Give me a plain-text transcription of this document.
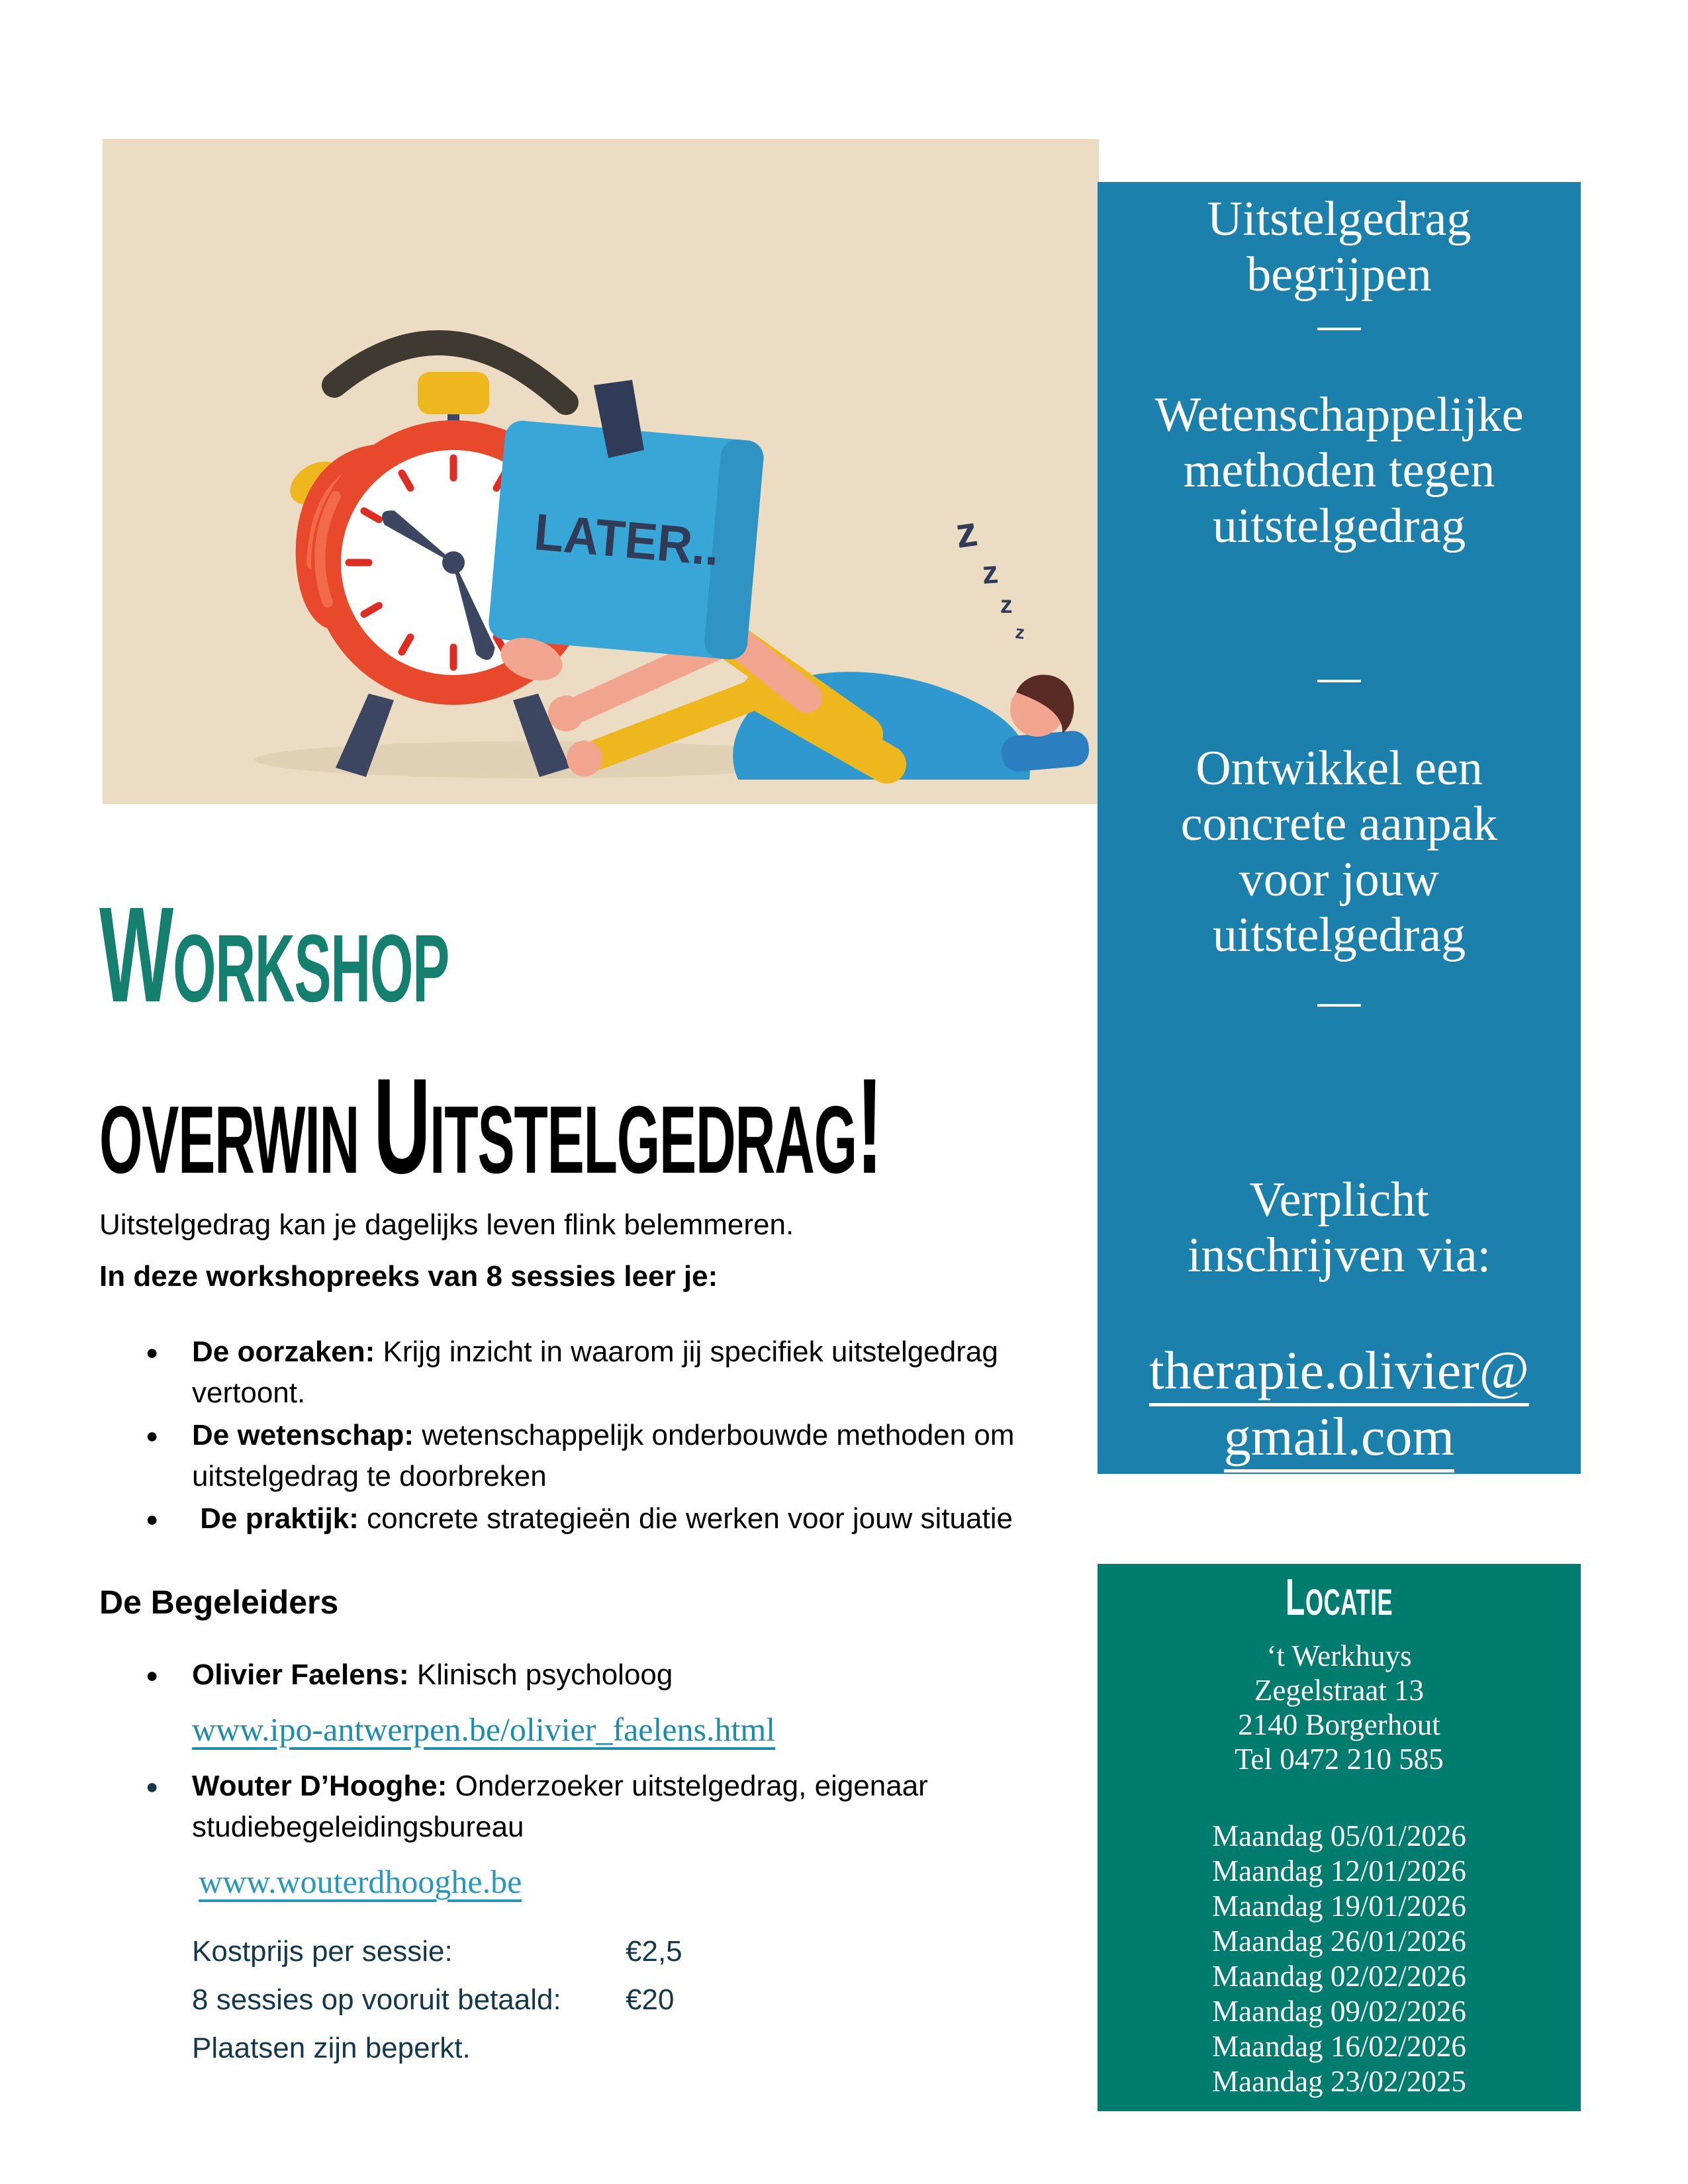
LATER..	z
z
z
z
WORKSHOP
OVERWIN UITSTELGEDRAG!
Uitstelgedrag kan je dagelijks leven flink belemmeren.
In deze workshopreeks van 8 sessies leer je:
● De oorzaken: Krijg inzicht in waarom jij specifiek uitstelgedrag vertoont.
● De wetenschap: wetenschappelijk onderbouwde methoden om uitstelgedrag te doorbreken
●  De praktijk: concrete strategieën die werken voor jouw situatie
De Begeleiders
● Olivier Faelens: Klinisch psycholoog
www.ipo-antwerpen.be/olivier_faelens.html
● Wouter D’Hooghe: Onderzoeker uitstelgedrag, eigenaar studiebegeleidingsbureau
www.wouterdhooghe.be
Kostprijs per sessie:	€2,5
8 sessies op vooruit betaald:	€20
Plaatsen zijn beperkt.
Uitstelgedrag
begrijpen
Wetenschappelijke
methoden tegen
uitstelgedrag
Ontwikkel een
concrete aanpak
voor jouw
uitstelgedrag
Verplicht
inschrijven via:
therapie.olivier@
gmail.com
LOCATIE
‘t Werkhuys
Zegelstraat 13
2140 Borgerhout
Tel 0472 210 585
Maandag 05/01/2026
Maandag 12/01/2026
Maandag 19/01/2026
Maandag 26/01/2026
Maandag 02/02/2026
Maandag 09/02/2026
Maandag 16/02/2026
Maandag 23/02/2025
